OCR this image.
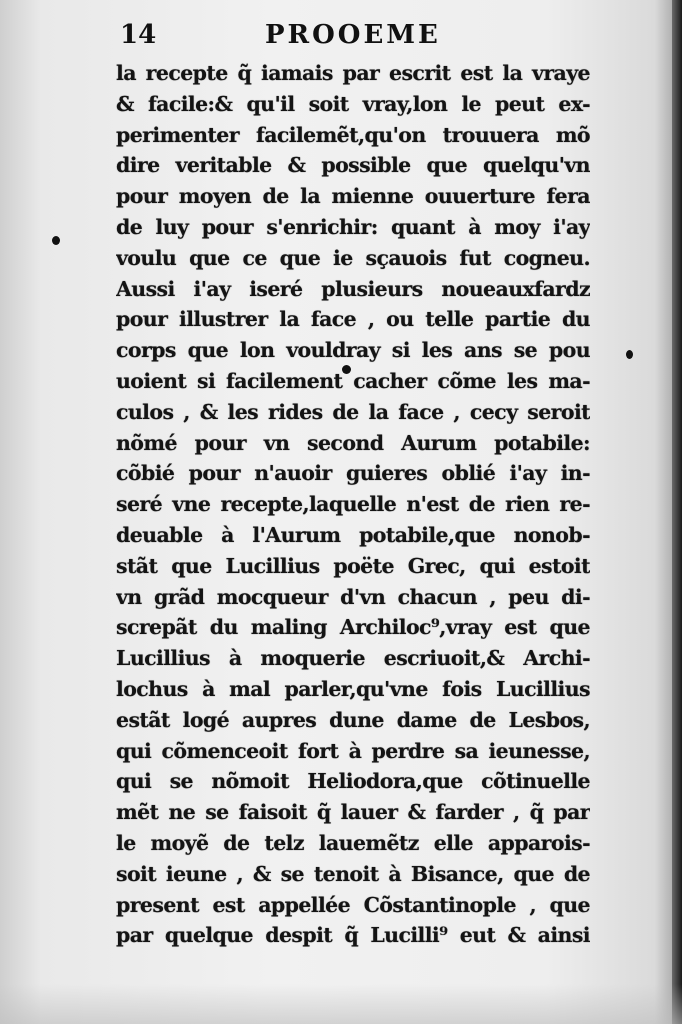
14	PROOEME
la recepte q̃ iamais par escrit est la vraye
& facile:& qu'il soit vray,lon le peut ex-
perimenter facilemẽt,qu'on trouuera mõ
dire veritable & possible que quelqu'vn
pour moyen de la mienne ouuerture fera
de luy pour s'enrichir: quant à moy i'ay
voulu que ce que ie sçauois fut cogneu.
Aussi i'ay iseré plusieurs noueauxfardz
pour illustrer la face , ou telle partie du
corps que lon vouldray si les ans se pou
uoient si facilement cacher cõme les ma-
culos , & les rides de la face , cecy seroit
nõmé pour vn second Aurum potabile:
cõbié pour n'auoir guieres oblié i'ay in-
seré vne recepte,laquelle n'est de rien re-
deuable à l'Aurum potabile,que nonob-
stãt que Lucillius poëte Grec, qui estoit
vn grãd mocqueur d'vn chacun , peu di-
screpãt du maling Archiloc⁹,vray est que
Lucillius à moquerie escriuoit,& Archi-
lochus à mal parler,qu'vne fois Lucillius
estãt logé aupres dune dame de Lesbos,
qui cõmenceoit fort à perdre sa ieunesse,
qui se nõmoit Heliodora,que cõtinuelle
mẽt ne se faisoit q̃ lauer & farder , q̃ par
le moyẽ de telz lauemẽtz elle apparois-
soit ieune , & se tenoit à Bisance, que de
present est appellée Cõstantinople , que
par quelque despit q̃ Lucilli⁹ eut & ainsi
